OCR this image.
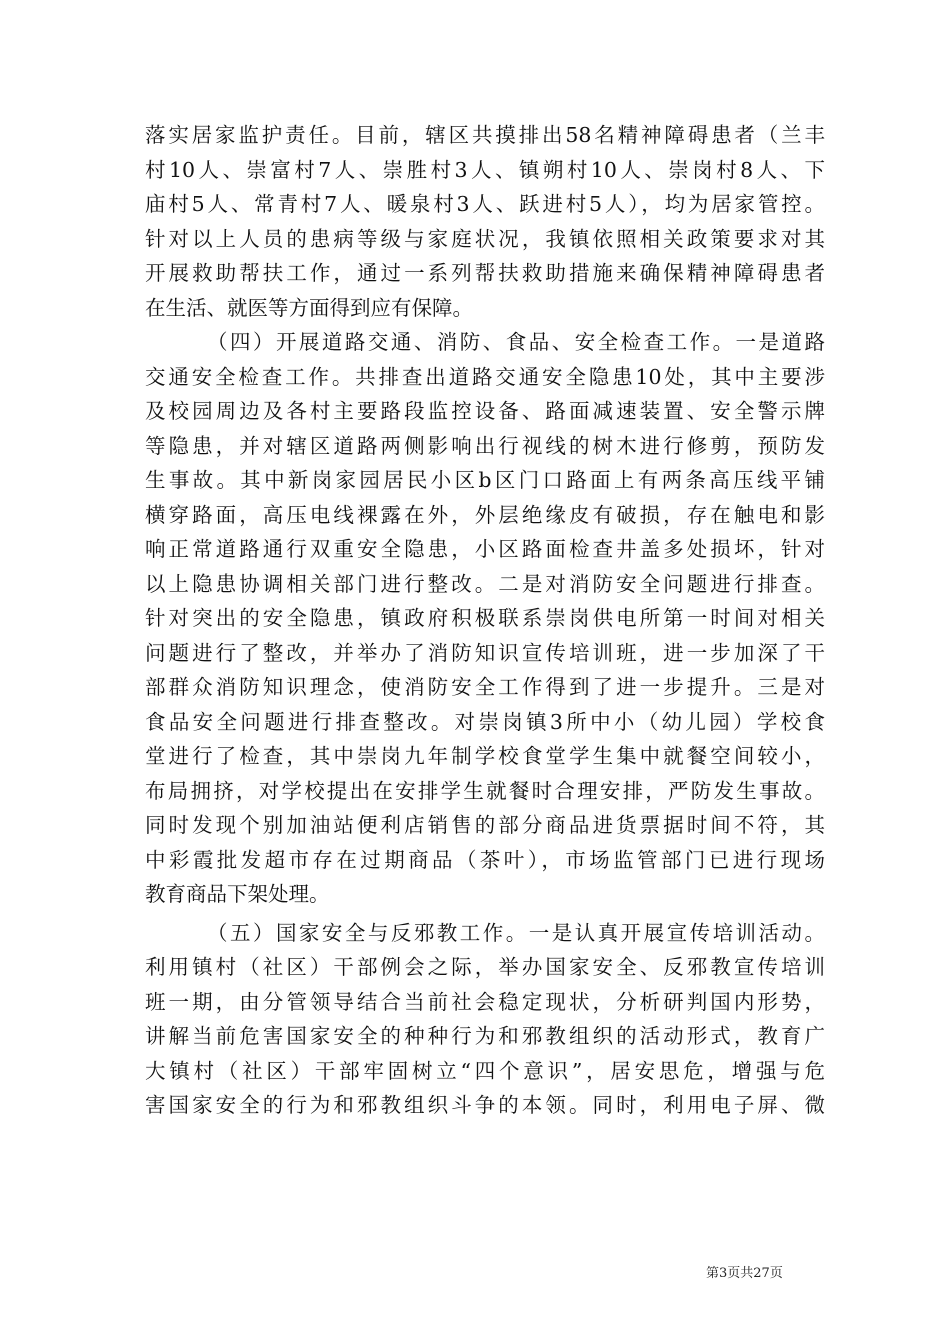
落实居家监护责任。目前，辖区共摸排出58名精神障碍患者（兰丰
村10人、崇富村7人、崇胜村3人、镇朔村10人、崇岗村8人、下
庙村5人、常青村7人、暖泉村3人、跃进村5人），均为居家管控。
针对以上人员的患病等级与家庭状况，我镇依照相关政策要求对其
开展救助帮扶工作，通过一系列帮扶救助措施来确保精神障碍患者
在生活、就医等方面得到应有保障。
（四）开展道路交通、消防、食品、安全检查工作。一是道路
交通安全检查工作。共排查出道路交通安全隐患10处，其中主要涉
及校园周边及各村主要路段监控设备、路面减速装置、安全警示牌
等隐患，并对辖区道路两侧影响出行视线的树木进行修剪，预防发
生事故。其中新岗家园居民小区b区门口路面上有两条高压线平铺
横穿路面，高压电线裸露在外，外层绝缘皮有破损，存在触电和影
响正常道路通行双重安全隐患，小区路面检查井盖多处损坏，针对
以上隐患协调相关部门进行整改。二是对消防安全问题进行排查。
针对突出的安全隐患，镇政府积极联系崇岗供电所第一时间对相关
问题进行了整改，并举办了消防知识宣传培训班，进一步加深了干
部群众消防知识理念，使消防安全工作得到了进一步提升。三是对
食品安全问题进行排查整改。对崇岗镇3所中小（幼儿园）学校食
堂进行了检查，其中崇岗九年制学校食堂学生集中就餐空间较小，
布局拥挤，对学校提出在安排学生就餐时合理安排，严防发生事故。
同时发现个别加油站便利店销售的部分商品进货票据时间不符，其
中彩霞批发超市存在过期商品（茶叶），市场监管部门已进行现场
教育商品下架处理。
（五）国家安全与反邪教工作。一是认真开展宣传培训活动。
利用镇村（社区）干部例会之际，举办国家安全、反邪教宣传培训
班一期，由分管领导结合当前社会稳定现状，分析研判国内形势，
讲解当前危害国家安全的种种行为和邪教组织的活动形式，教育广
大镇村（社区）干部牢固树立“四个意识”，居安思危，增强与危
害国家安全的行为和邪教组织斗争的本领。同时，利用电子屏、微
第3页共27页
